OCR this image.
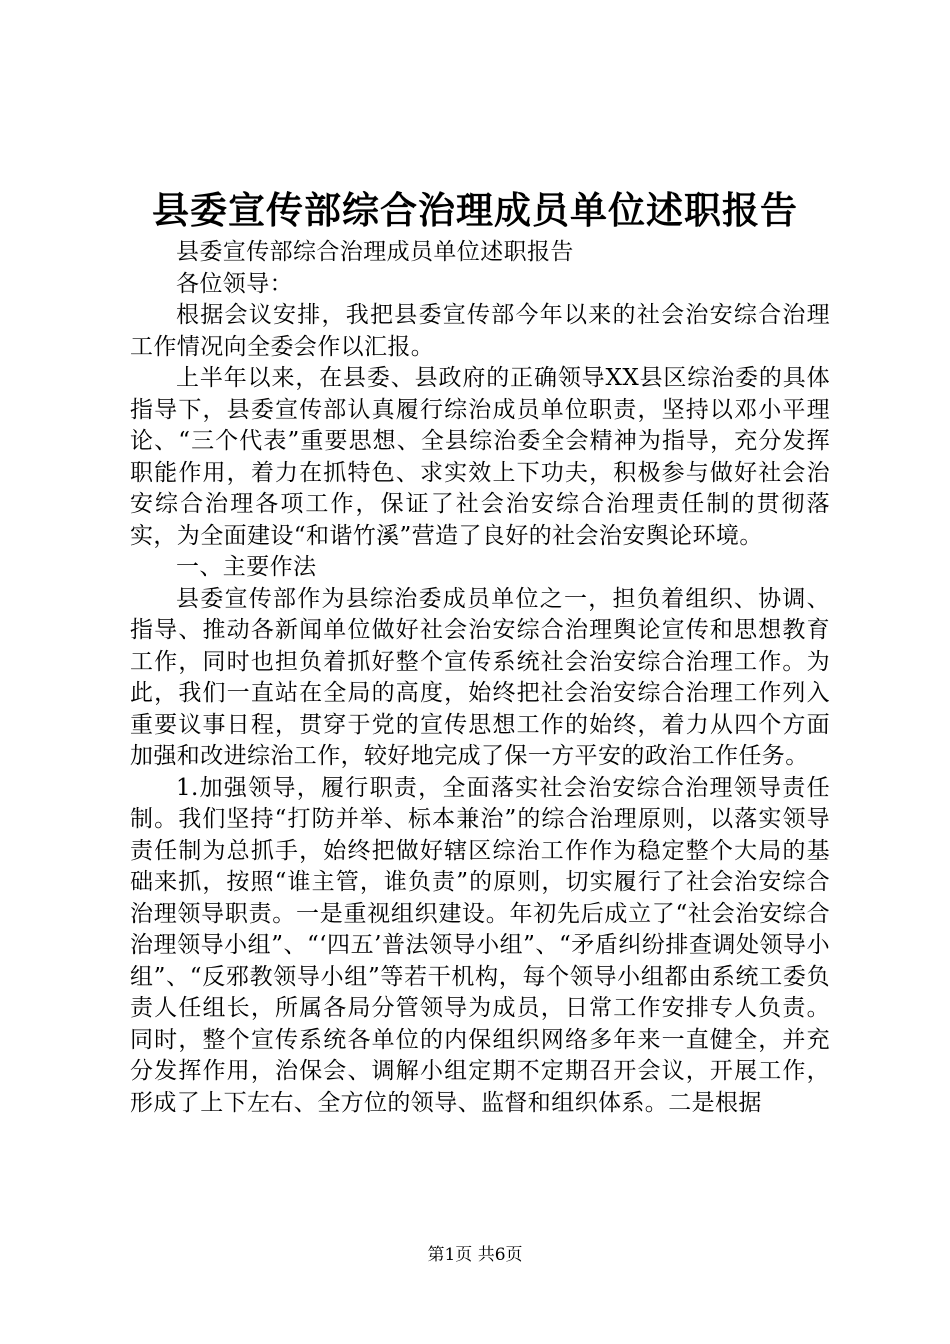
县委宣传部综合治理成员单位述职报告

县委宣传部综合治理成员单位述职报告

各位领导：

根据会议安排，我把县委宣传部今年以来的社会治安综合治理工作情况向全委会作以汇报。

上半年以来，在县委、县政府的正确领导XX县区综治委的具体指导下，县委宣传部认真履行综治成员单位职责，坚持以邓小平理论、“三个代表”重要思想、全县综治委全会精神为指导，充分发挥职能作用，着力在抓特色、求实效上下功夫，积极参与做好社会治安综合治理各项工作，保证了社会治安综合治理责任制的贯彻落实，为全面建设“和谐竹溪”营造了良好的社会治安舆论环境。

一、主要作法

县委宣传部作为县综治委成员单位之一，担负着组织、协调、指导、推动各新闻单位做好社会治安综合治理舆论宣传和思想教育工作，同时也担负着抓好整个宣传系统社会治安综合治理工作。为此，我们一直站在全局的高度，始终把社会治安综合治理工作列入重要议事日程，贯穿于党的宣传思想工作的始终，着力从四个方面加强和改进综治工作，较好地完成了保一方平安的政治工作任务。

1.加强领导，履行职责，全面落实社会治安综合治理领导责任制。我们坚持“打防并举、标本兼治”的综合治理原则，以落实领导责任制为总抓手，始终把做好辖区综治工作作为稳定整个大局的基础来抓，按照“谁主管，谁负责”的原则，切实履行了社会治安综合治理领导职责。一是重视组织建设。年初先后成立了“社会治安综合治理领导小组”、“‘四五’普法领导小组”、“矛盾纠纷排查调处领导小组”、“反邪教领导小组”等若干机构，每个领导小组都由系统工委负责人任组长，所属各局分管领导为成员，日常工作安排专人负责。同时，整个宣传系统各单位的内保组织网络多年来一直健全，并充分发挥作用，治保会、调解小组定期不定期召开会议，开展工作，形成了上下左右、全方位的领导、监督和组织体系。二是根据

第1页 共6页
